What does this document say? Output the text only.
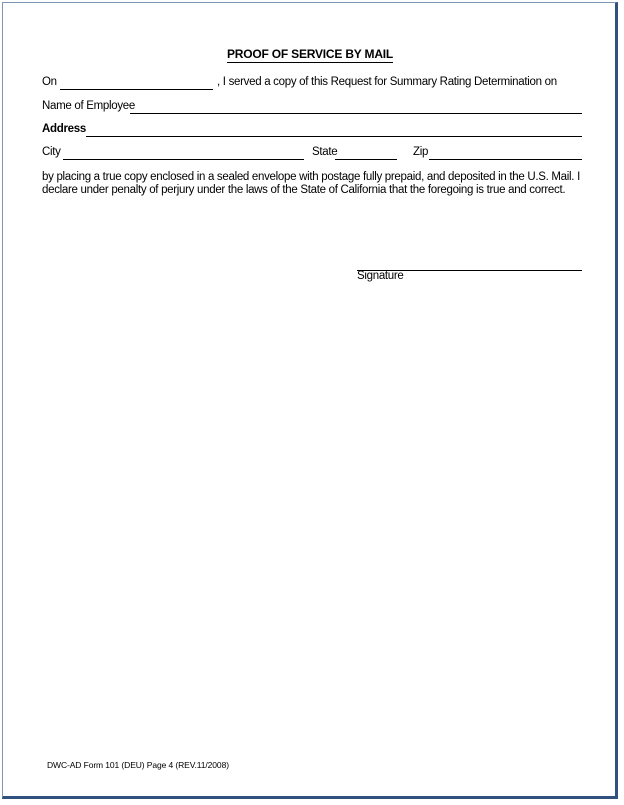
PROOF OF SERVICE BY MAIL
On	, I served a copy of this Request for Summary Rating Determination on
Name of Employee
Address
City	State	Zip
by placing a true copy enclosed in a sealed envelope with postage fully prepaid, and deposited in the U.S. Mail. I declare under penalty of perjury under the laws of the State of California that the foregoing is true and correct.
Signature
DWC-AD Form 101 (DEU) Page 4 (REV.11/2008)
